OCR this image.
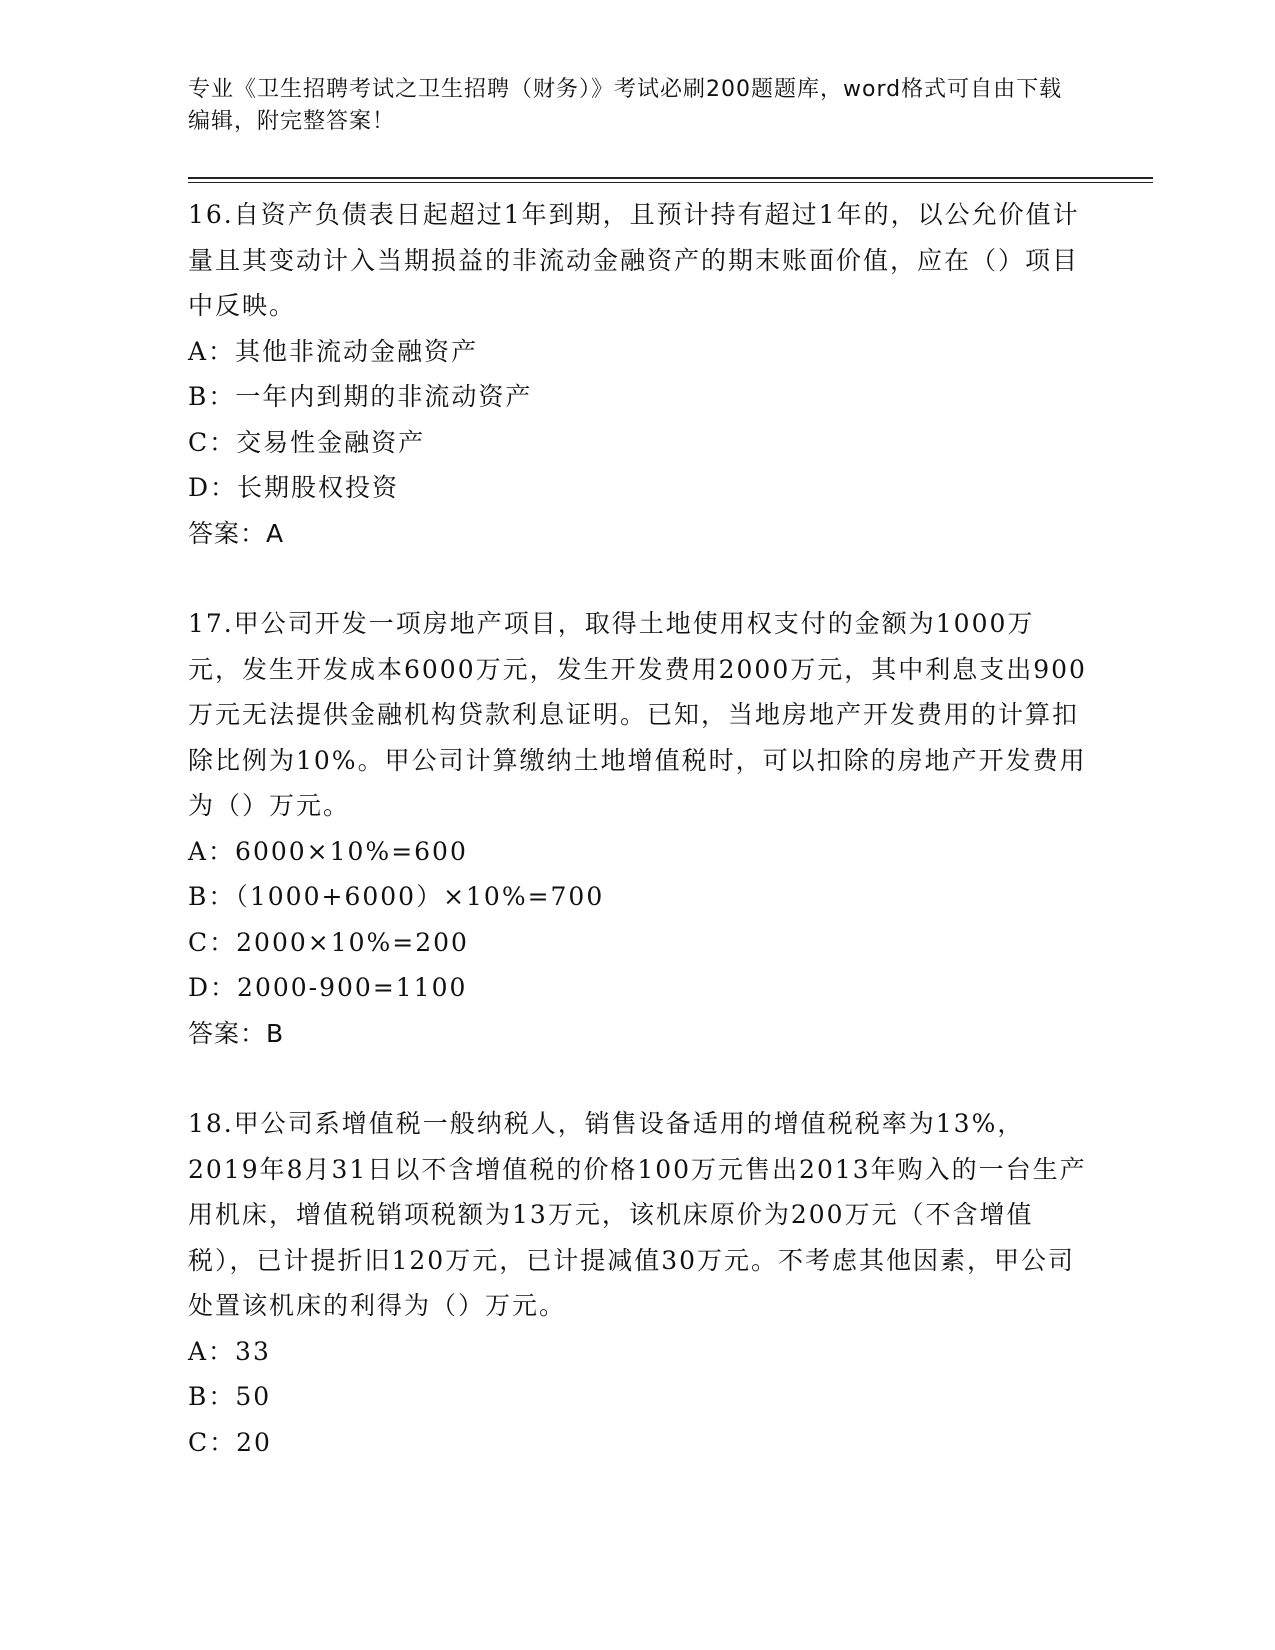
专业《卫生招聘考试之卫生招聘（财务）》考试必刷200题题库，word格式可自由下载编辑，附完整答案！
16.自资产负债表日起超过1年到期，且预计持有超过1年的，以公允价值计量且其变动计入当期损益的非流动金融资产的期末账面价值，应在（）项目中反映。
A：其他非流动金融资产
B：一年内到期的非流动资产
C：交易性金融资产
D：长期股权投资
答案：A
17.甲公司开发一项房地产项目，取得土地使用权支付的金额为1000万元，发生开发成本6000万元，发生开发费用2000万元，其中利息支出900万元无法提供金融机构贷款利息证明。已知，当地房地产开发费用的计算扣除比例为10%。甲公司计算缴纳土地增值税时，可以扣除的房地产开发费用为（）万元。
A：6000×10%=600
B：（1000+6000）×10%=700
C：2000×10%=200
D：2000-900=1100
答案：B
18.甲公司系增值税一般纳税人，销售设备适用的增值税税率为13%，2019年8月31日以不含增值税的价格100万元售出2013年购入的一台生产用机床，增值税销项税额为13万元，该机床原价为200万元（不含增值税），已计提折旧120万元，已计提减值30万元。不考虑其他因素，甲公司处置该机床的利得为（）万元。
A：33
B：50
C：20
